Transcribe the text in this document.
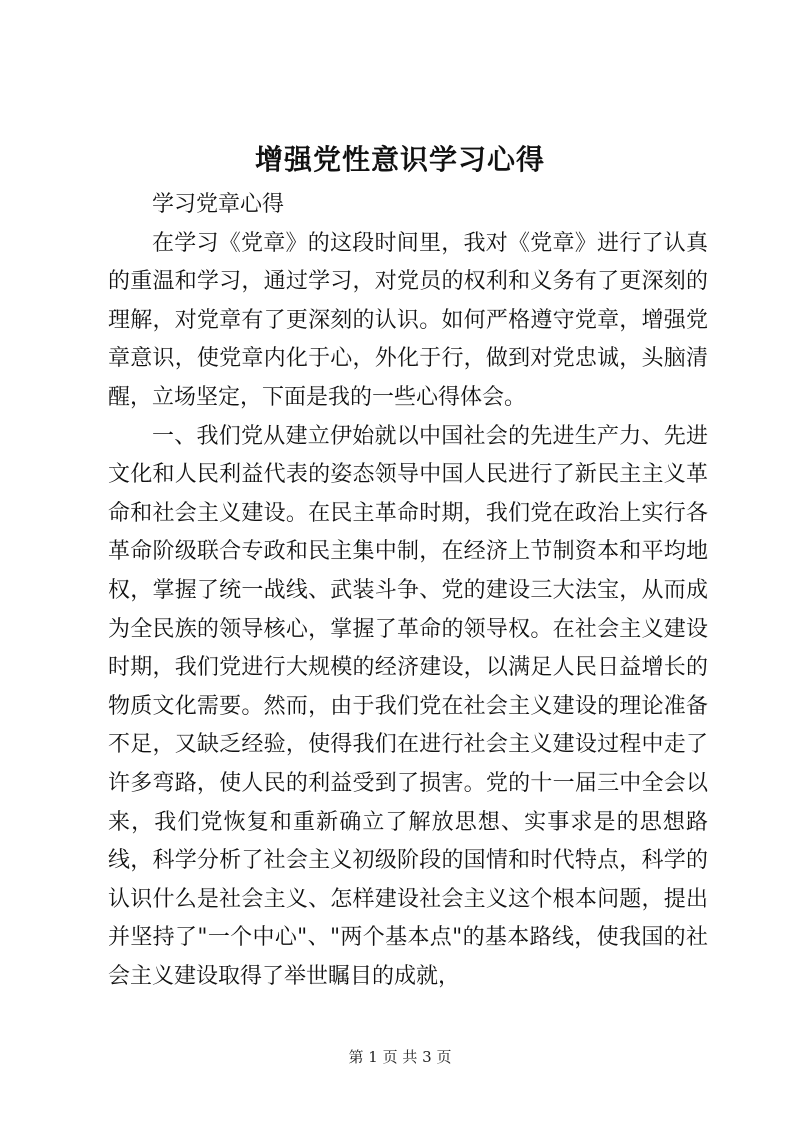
增强党性意识学习心得

学习党章心得

在学习《党章》的这段时间里，我对《党章》进行了认真的重温和学习，通过学习，对党员的权利和义务有了更深刻的理解，对党章有了更深刻的认识。如何严格遵守党章，增强党章意识，使党章内化于心，外化于行，做到对党忠诚，头脑清醒，立场坚定，下面是我的一些心得体会。

一、我们党从建立伊始就以中国社会的先进生产力、先进文化和人民利益代表的姿态领导中国人民进行了新民主主义革命和社会主义建设。在民主革命时期，我们党在政治上实行各革命阶级联合专政和民主集中制，在经济上节制资本和平均地权，掌握了统一战线、武装斗争、党的建设三大法宝，从而成为全民族的领导核心，掌握了革命的领导权。在社会主义建设时期，我们党进行大规模的经济建设，以满足人民日益增长的物质文化需要。然而，由于我们党在社会主义建设的理论准备不足，又缺乏经验，使得我们在进行社会主义建设过程中走了许多弯路，使人民的利益受到了损害。党的十一届三中全会以来，我们党恢复和重新确立了解放思想、实事求是的思想路线，科学分析了社会主义初级阶段的国情和时代特点，科学的认识什么是社会主义、怎样建设社会主义这个根本问题，提出并坚持了"一个中心"、"两个基本点"的基本路线，使我国的社会主义建设取得了举世瞩目的成就，

第 1 页 共 3 页
